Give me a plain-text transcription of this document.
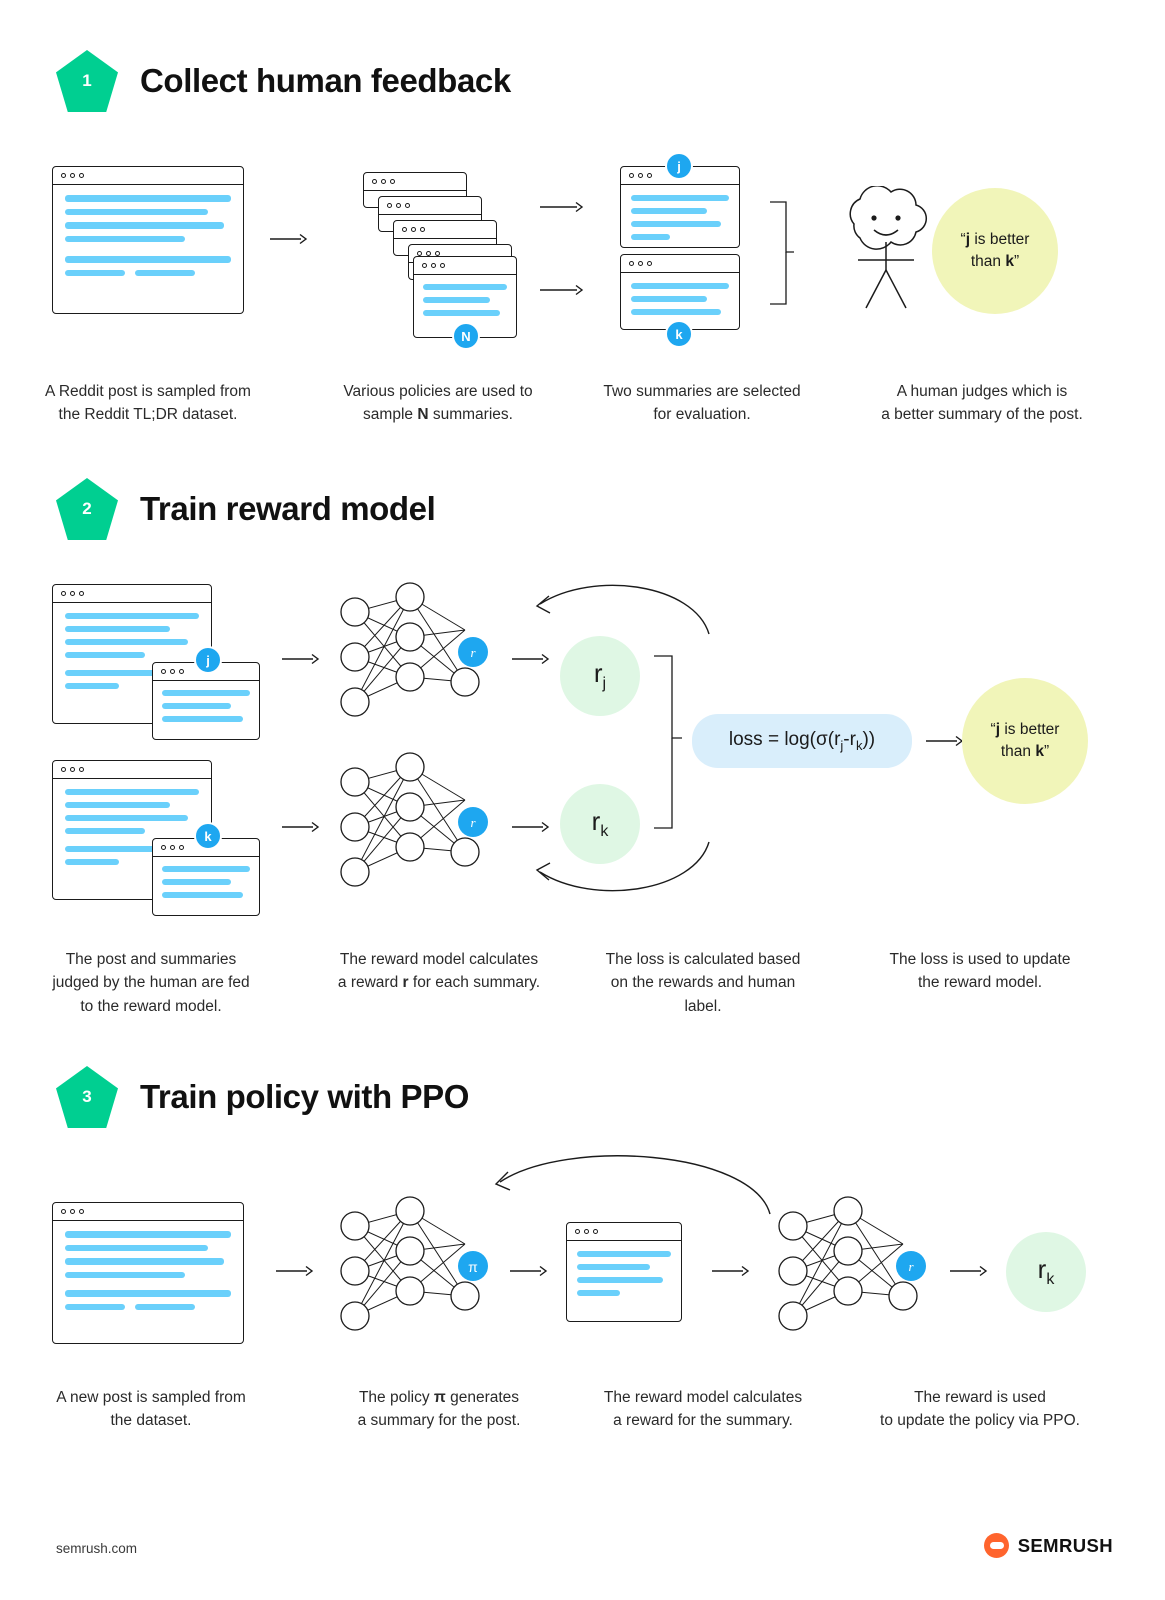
1 Collect human feedback
N
j
k
“j is better
than k”
A Reddit post is sampled from
the Reddit TL;DR dataset.
Various policies are used to
sample N summaries.
Two summaries are selected
for evaluation.
A human judges which is
a better summary of the post.
2 Train reward model
j
k
r
r
$r_j$
$r_k$
loss = $\log(\sigma(r_j-r_k))$
“j is better
than k”
The post and summaries
judged by the human are fed
to the reward model.
The reward model calculates
a reward r for each summary.
The loss is calculated based
on the rewards and human
label.
The loss is used to update
the reward model.
3 Train policy with PPO
π	r	$r_k$
A new post is sampled from
the dataset.
The policy π generates
a summary for the post.
The reward model calculates
a reward for the summary.
The reward is used
to update the policy via PPO.
semrush.com	SEMRUSH
